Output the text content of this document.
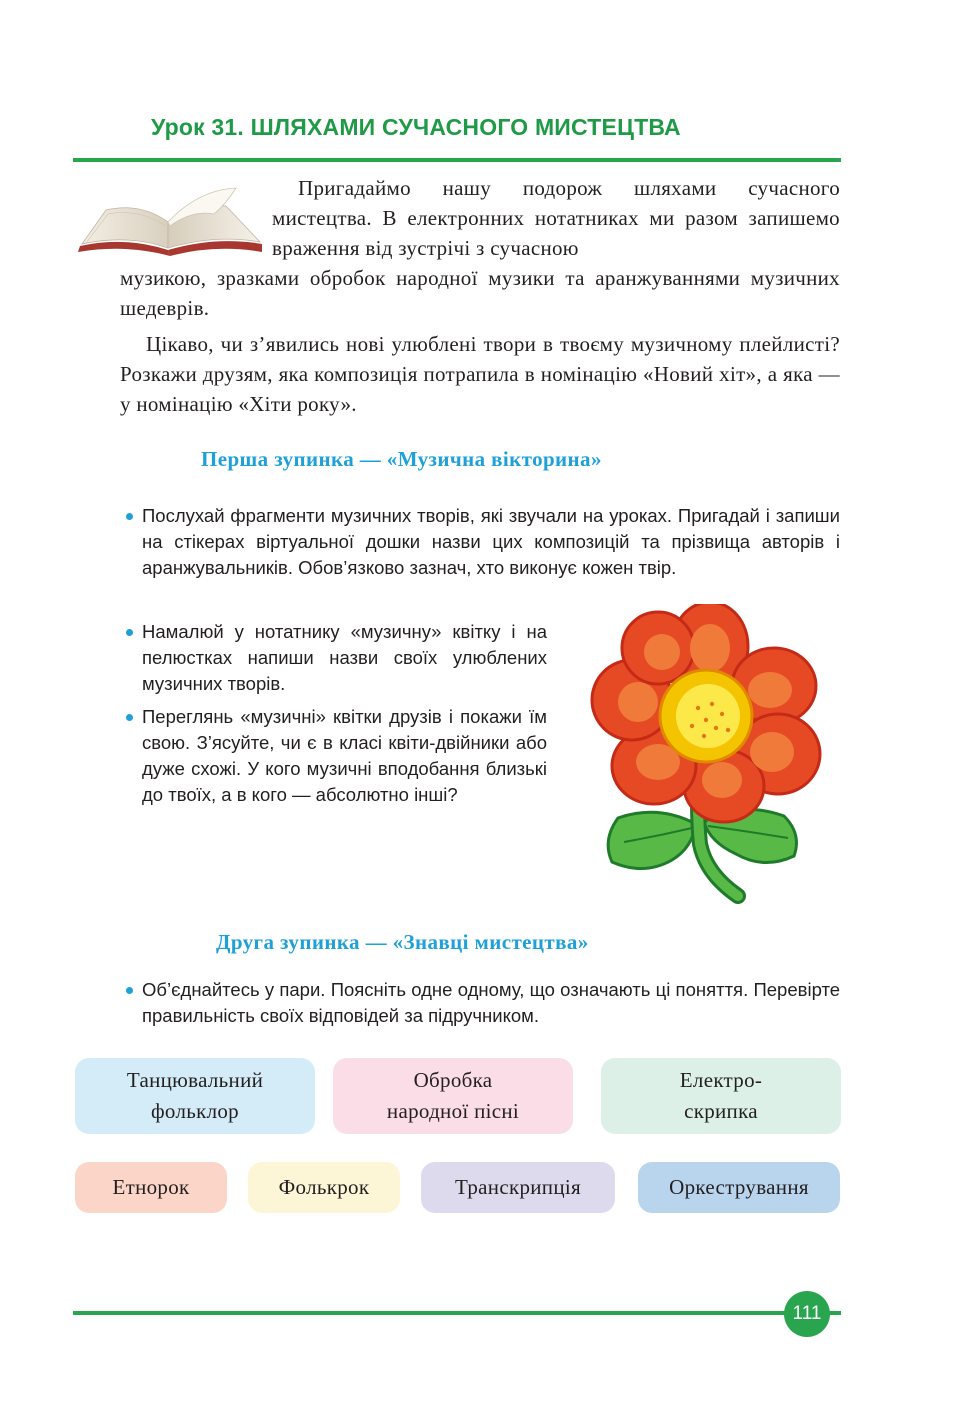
Урок 31. ШЛЯХАМИ СУЧАСНОГО МИСТЕЦТВА
Пригадаймо нашу подорож шляхами сучасного мистецтва. В електронних нотатниках ми разом запишемо враження від зустрічі з сучасною
музикою, зразками обробок народної музики та аранжуваннями музичних шедеврів.
Цікаво, чи з’явились нові улюблені твори в твоєму музичному плейлисті? Розкажи друзям, яка композиція потрапила в номінацію «Новий хіт», а яка — у номінацію «Хіти року».
Перша зупинка — «Музична вікторина»
Послухай фрагменти музичних творів, які звучали на уроках. Пригадай і запиши на стікерах віртуальної дошки назви цих композицій та прізвища авторів і аранжувальників. Обов’язково зазнач, хто виконує кожен твір.
Намалюй у нотатнику «музичну» квітку і на пелюстках напиши назви своїх улюблених музичних творів.
Переглянь «музичні» квітки друзів і покажи їм свою. З’ясуйте, чи є в класі квіти-двійники або дуже схожі. У кого музичні вподобання близькі до твоїх, а в кого — абсолютно інші?
Друга зупинка — «Знавці мистецтва»
Об’єднайтесь у пари. Поясніть одне одному, що означають ці поняття. Перевірте правильність своїх відповідей за підручником.
Танцювальний
фольклор
Обробка
народної пісні
Електро-
скрипка
Етнорок	Фолькрок	Транскрипція	Оркестрування
111
